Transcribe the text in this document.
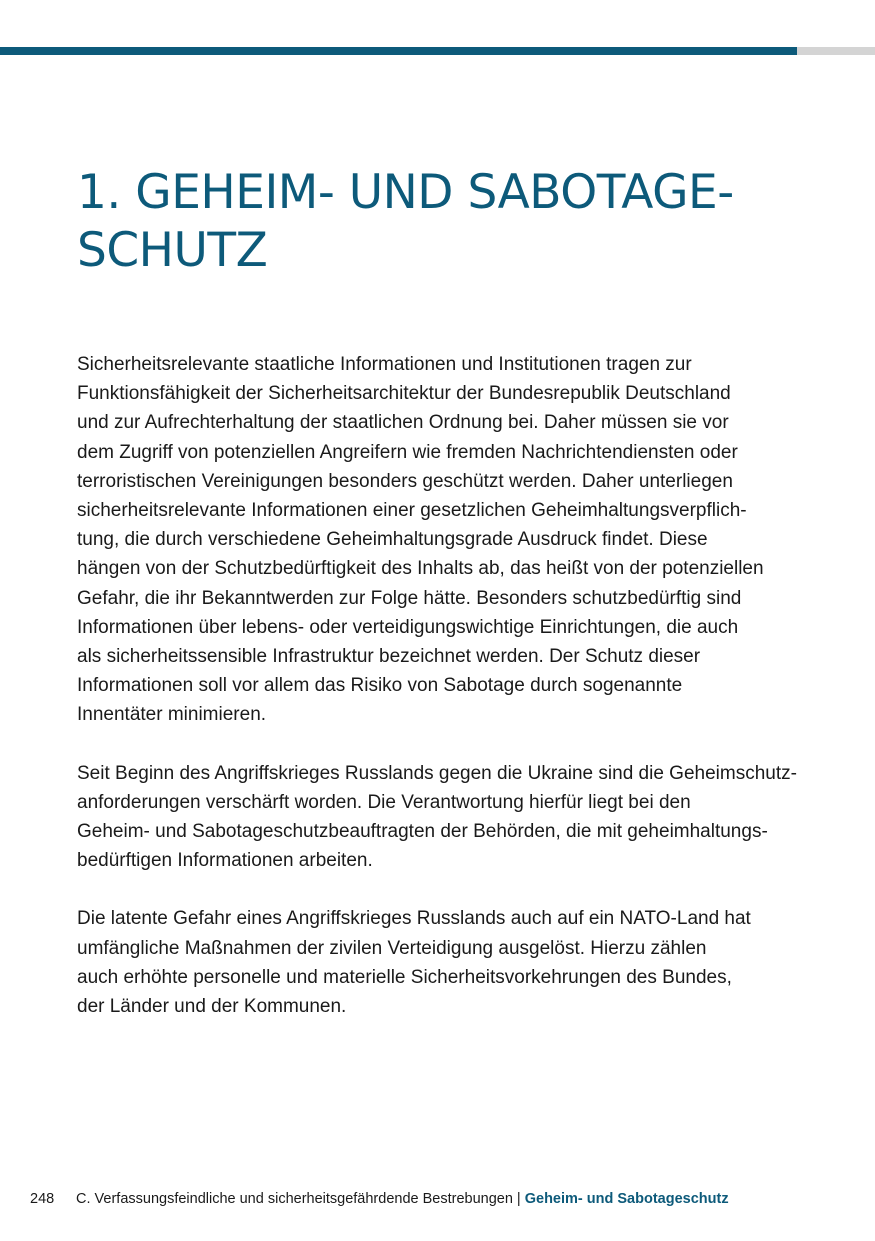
1. GEHEIM- UND SABOTAGE-
SCHUTZ

Sicherheitsrelevante staatliche Informationen und Institutionen tragen zur
Funktionsfähigkeit der Sicherheitsarchitektur der Bundesrepublik Deutschland
und zur Aufrechterhaltung der staatlichen Ordnung bei. Daher müssen sie vor
dem Zugriff von potenziellen Angreifern wie fremden Nachrichtendiensten oder
terroristischen Vereinigungen besonders geschützt werden. Daher unterliegen
sicherheitsrelevante Informationen einer gesetzlichen Geheimhaltungsverpflich-
tung, die durch verschiedene Geheimhaltungsgrade Ausdruck findet. Diese
hängen von der Schutzbedürftigkeit des Inhalts ab, das heißt von der potenziellen
Gefahr, die ihr Bekanntwerden zur Folge hätte. Besonders schutzbedürftig sind
Informationen über lebens- oder verteidigungswichtige Einrichtungen, die auch
als sicherheitssensible Infrastruktur bezeichnet werden. Der Schutz dieser
Informationen soll vor allem das Risiko von Sabotage durch sogenannte
Innentäter minimieren.

Seit Beginn des Angriffskrieges Russlands gegen die Ukraine sind die Geheimschutz-
anforderungen verschärft worden. Die Verantwortung hierfür liegt bei den
Geheim- und Sabotageschutzbeauftragten der Behörden, die mit geheimhaltungs-
bedürftigen Informationen arbeiten.

Die latente Gefahr eines Angriffskrieges Russlands auch auf ein NATO-Land hat
umfängliche Maßnahmen der zivilen Verteidigung ausgelöst. Hierzu zählen
auch erhöhte personelle und materielle Sicherheitsvorkehrungen des Bundes,
der Länder und der Kommunen.

248 C. Verfassungsfeindliche und sicherheitsgefährdende Bestrebungen | Geheim- und Sabotageschutz
